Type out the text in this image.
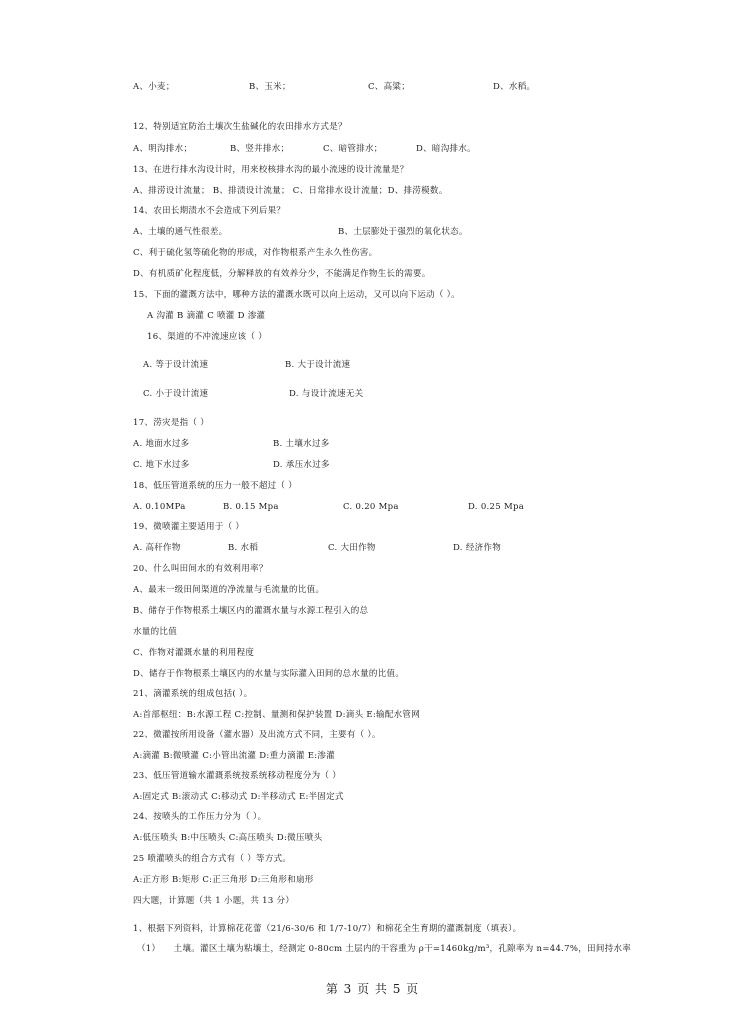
A、小麦；	B、玉米；	C、高粱；	D、水稻。
12、特别适宜防治土壤次生盐碱化的农田排水方式是？
A、明沟排水；	B、竖井排水；	C、暗管排水；	D、暗沟排水。
13、在进行排水沟设计时，用来校核排水沟的最小流速的设计流量是？
A、排涝设计流量； B、排渍设计流量； C、日常排水设计流量；D、排涝模数。
14、农田长期渍水不会造成下列后果？
A、土壤的通气性很差。	B、土层膨处于强烈的氧化状态。
C、利于硫化氢等硫化物的形成，对作物根系产生永久性伤害。
D、有机质矿化程度低，分解释放的有效养分少，不能满足作物生长的需要。
15、下面的灌溉方法中，哪种方法的灌溉水既可以向上运动，又可以向下运动（ ）。
A 沟灌 B 滴灌 C 喷灌 D 渗灌
16、渠道的不冲流速应该（ ）
A. 等于设计流速	B. 大于设计流速
C. 小于设计流速	D. 与设计流速无关
17、涝灾是指（ ）
A. 地面水过多	B. 土壤水过多
C. 地下水过多	D. 承压水过多
18、低压管道系统的压力一般不超过（ ）
A. 0.10MPa	B. 0.15 Mpa	C. 0.20 Mpa	D. 0.25 Mpa
19、微喷灌主要适用于（ ）
A. 高秆作物	B. 水稻	C. 大田作物	D. 经济作物
20、什么叫田间水的有效利用率？
A、最末一级田间渠道的净流量与毛流量的比值。
B、储存于作物根系土壤区内的灌溉水量与水源工程引入的总
水量的比值
C、作物对灌溉水量的利用程度
D、储存于作物根系土壤区内的水量与实际灌入田间的总水量的比值。
21、滴灌系统的组成包括( ）。
A:首部枢纽：B:水源工程 C:控制、量测和保护装置 D:滴头 E:输配水管网
22、微灌按所用设备（灌水器）及出流方式不同，主要有（ ）。
A:滴灌 B:微喷灌 C:小管出流灌 D:重力滴灌 E:渗灌
23、低压管道输水灌溉系统按系统移动程度分为（ ）
A:固定式 B:滚动式 C:移动式 D:半移动式 E:半固定式
24、按喷头的工作压力分为（ ）。
A:低压喷头 B:中压喷头 C:高压喷头 D:微压喷头
25 喷灌喷头的组合方式有（ ）等方式。
A:正方形 B:矩形 C:正三角形 D:三角形和扇形
四大题，计算题（共 1 小题，共 13 分）
1、根据下列资料，计算棉花花蕾（21/6-30/6 和 1/7-10/7）和棉花全生育期的灌溉制度（填表）。
（1）　　土壤。灌区土壤为粘壤土，经测定 0-80cm 土层内的干容重为 ρ干=1460kg/m³，孔隙率为 n=44.7%，田间持水率
第 3 页 共 5 页
